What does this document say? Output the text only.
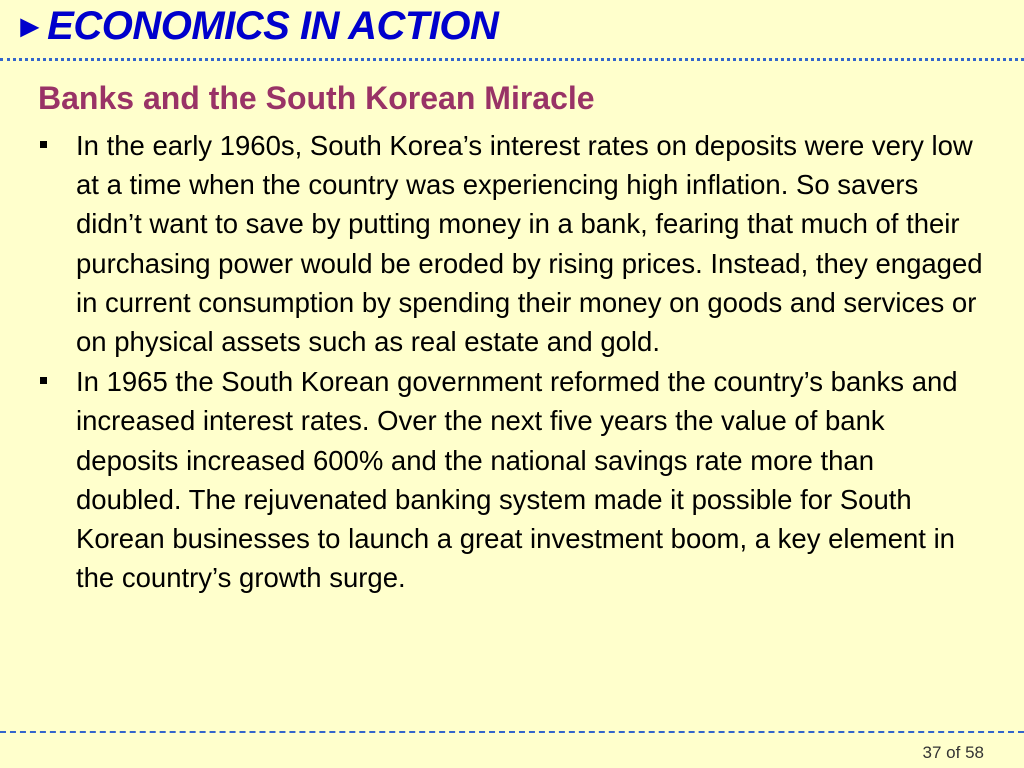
► ECONOMICS IN ACTION
Banks and the South Korean Miracle
In the early 1960s, South Korea’s interest rates on deposits were very low at a time when the country was experiencing high inflation. So savers didn’t want to save by putting money in a bank, fearing that much of their purchasing power would be eroded by rising prices. Instead, they engaged in current consumption by spending their money on goods and services or on physical assets such as real estate and gold.
In 1965 the South Korean government reformed the country’s banks and increased interest rates. Over the next five years the value of bank deposits increased 600% and the national savings rate more than doubled. The rejuvenated banking system made it possible for South Korean businesses to launch a great investment boom, a key element in the country’s growth surge.
37 of 58
